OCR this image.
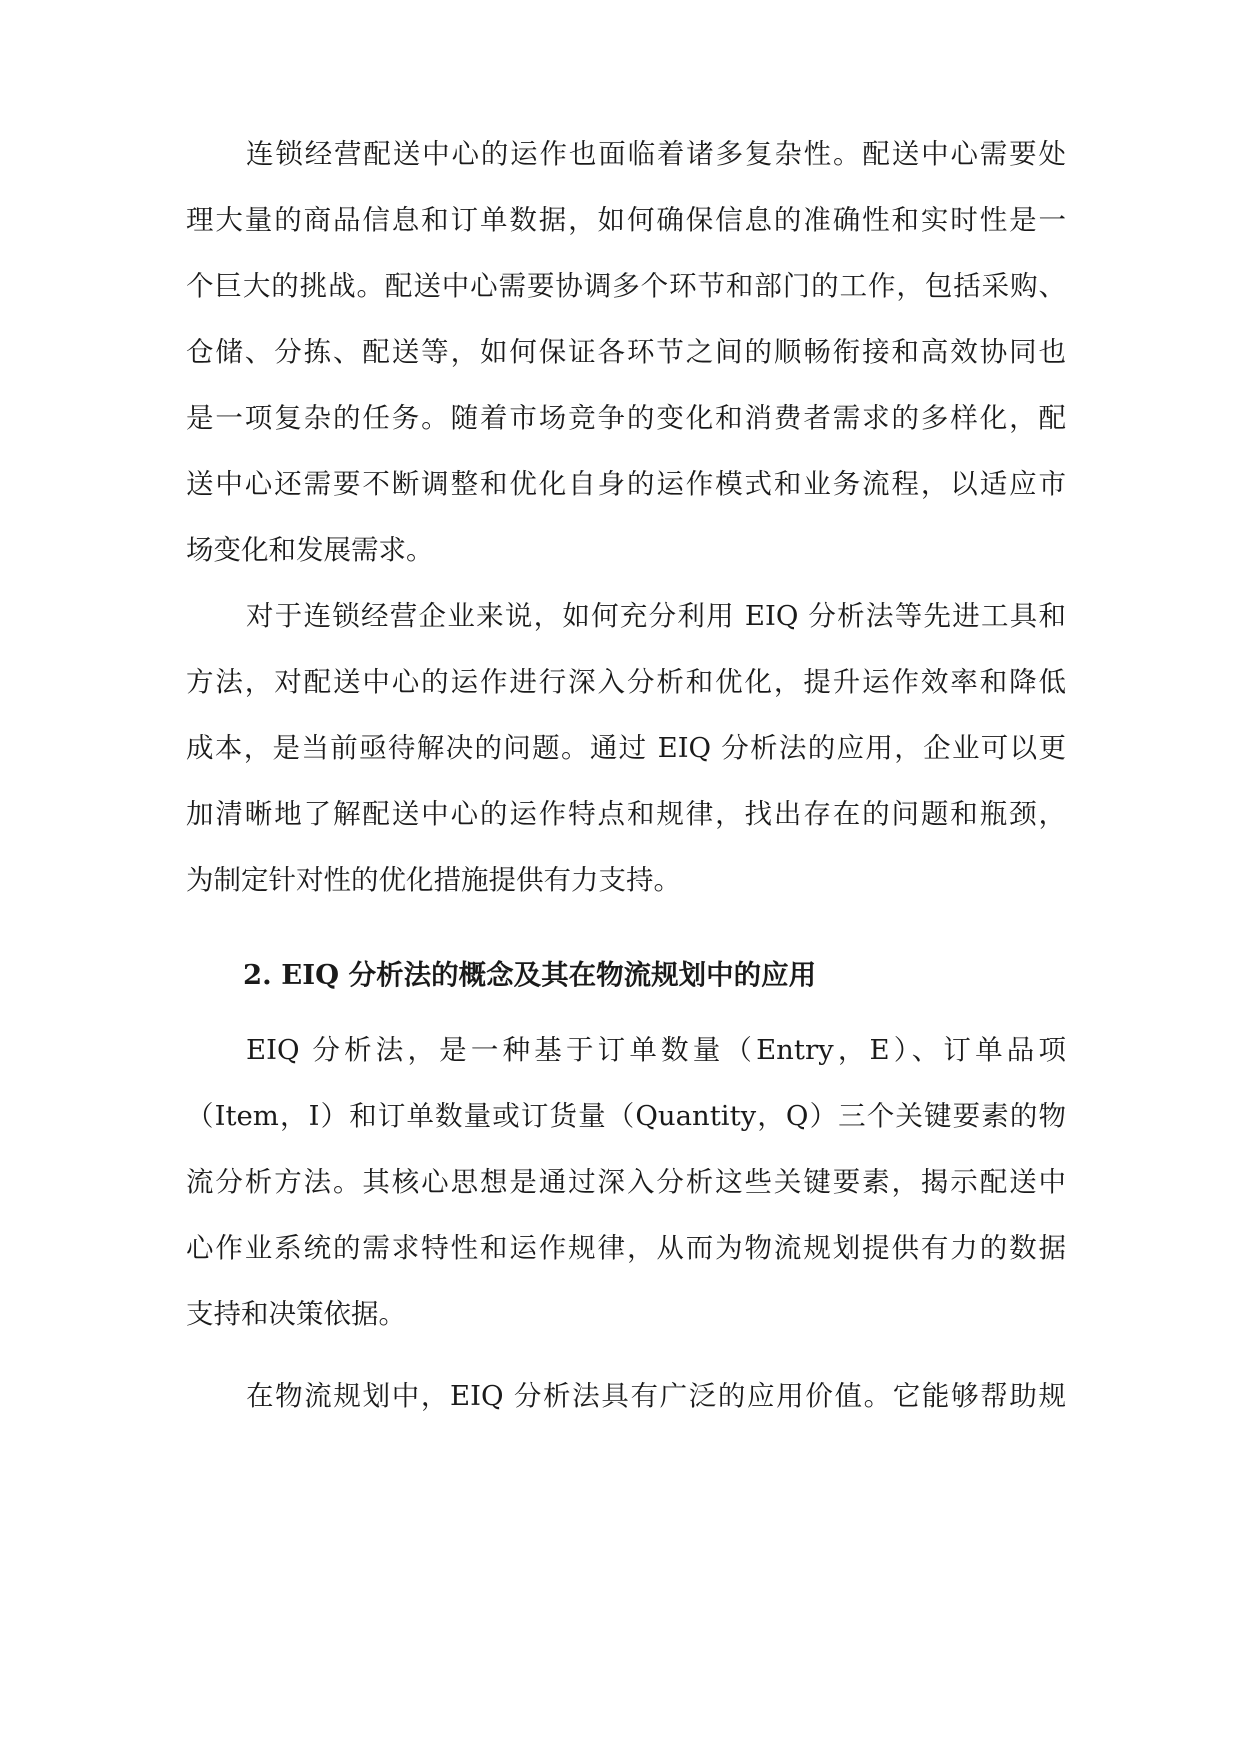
连锁经营配送中心的运作也面临着诸多复杂性。配送中心需要处
理大量的商品信息和订单数据，如何确保信息的准确性和实时性是一
个巨大的挑战。配送中心需要协调多个环节和部门的工作，包括采购、
仓储、分拣、配送等，如何保证各环节之间的顺畅衔接和高效协同也
是一项复杂的任务。随着市场竞争的变化和消费者需求的多样化，配
送中心还需要不断调整和优化自身的运作模式和业务流程，以适应市
场变化和发展需求。
对于连锁经营企业来说，如何充分利用 EIQ 分析法等先进工具和
方法，对配送中心的运作进行深入分析和优化，提升运作效率和降低
成本，是当前亟待解决的问题。通过 EIQ 分析法的应用，企业可以更
加清晰地了解配送中心的运作特点和规律，找出存在的问题和瓶颈，
为制定针对性的优化措施提供有力支持。
2. EIQ 分析法的概念及其在物流规划中的应用
EIQ 分析法，是一种基于订单数量（Entry，E）、订单品项
（Item，I）和订单数量或订货量（Quantity，Q）三个关键要素的物
流分析方法。其核心思想是通过深入分析这些关键要素，揭示配送中
心作业系统的需求特性和运作规律，从而为物流规划提供有力的数据
支持和决策依据。
在物流规划中，EIQ 分析法具有广泛的应用价值。它能够帮助规
